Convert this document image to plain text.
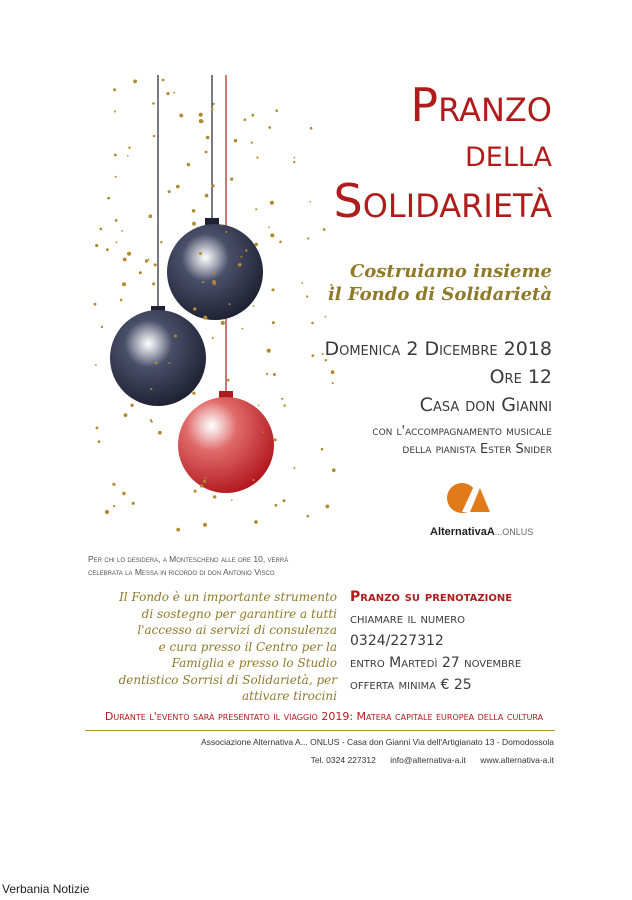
Pranzo
della
Solidarietà
Costruiamo insieme
il Fondo di Solidarietà
Domenica 2 Dicembre 2018
Ore 12
Casa don Gianni
con l'accompagnamento musicale
della pianista Ester Snider
AlternativaA...ONLUS
Per chi lo desidera, a Montescheno alle ore 10, verrà
celebrata la Messa in ricordo di don Antonio Visco
Il Fondo è un importante strumento
di sostegno per garantire a tutti
l'accesso ai servizi di consulenza
e cura presso il Centro per la
Famiglia e presso lo Studio
dentistico Sorrisi di Solidarietà, per
attivare tirocini
Pranzo su prenotazione
chiamare il numero
0324/227312
entro Martedì 27 novembre
offerta minima € 25
Durante l'evento sarà presentato il viaggio 2019: Matera capitale europea della cultura
Associazione Alternativa A... ONLUS - Casa don Gianni Via dell'Artigianato 13 - Domodossola
Tel. 0324 227312 info@alternativa-a.it www.alternativa-a.it
Verbania Notizie
